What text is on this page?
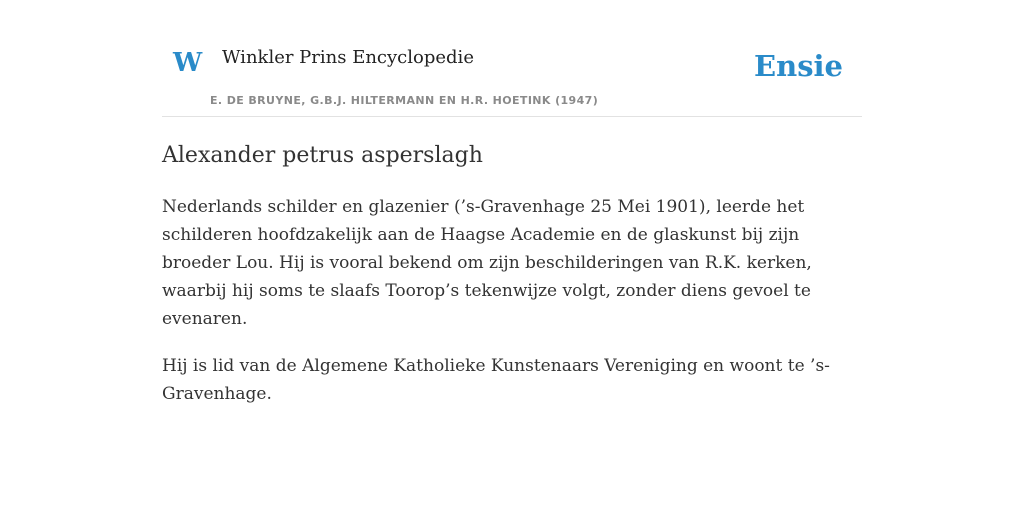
W Winkler Prins Encyclopedie
E. DE BRUYNE, G.B.J. HILTERMANN EN H.R. HOETINK (1947)
Ensie
Alexander petrus asperslagh

Nederlands schilder en glazenier (’s-Gravenhage 25 Mei 1901), leerde het schilderen hoofdzakelijk aan de Haagse Academie en de glaskunst bij zijn broeder Lou. Hij is vooral bekend om zijn beschilderingen van R.K. kerken, waarbij hij soms te slaafs Toorop’s tekenwijze volgt, zonder diens gevoel te evenaren.

Hij is lid van de Algemene Katholieke Kunstenaars Vereniging en woont te ’s-Gravenhage.
